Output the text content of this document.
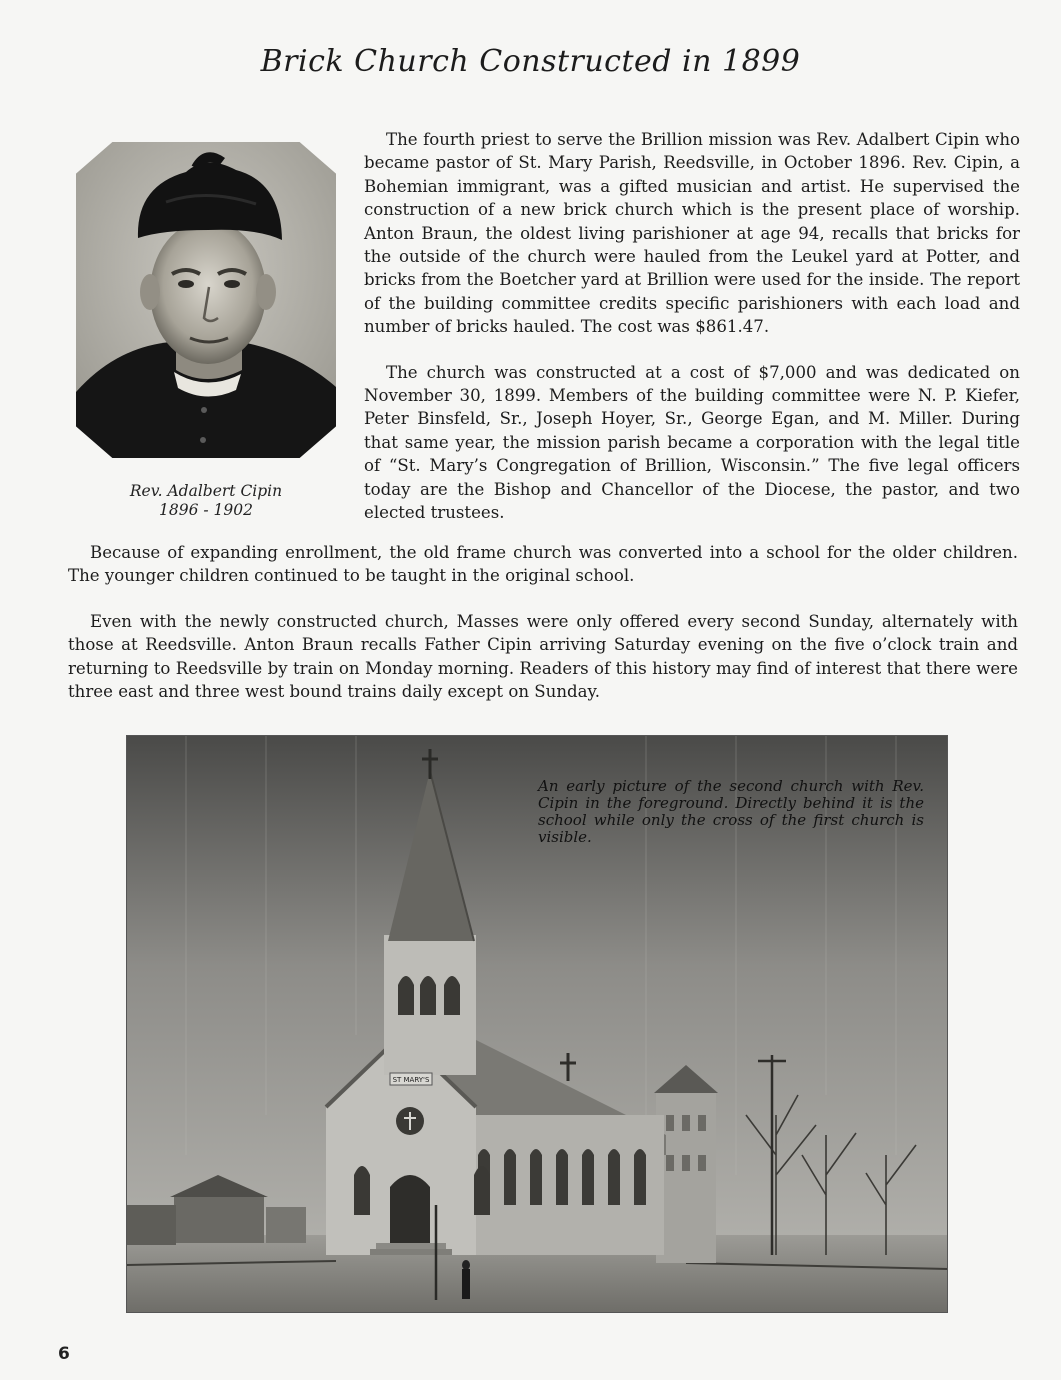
Brick Church Constructed in 1899
Rev. Adalbert Cipin
1896 - 1902

The fourth priest to serve the Brillion mission was Rev. Adalbert Cipin who became pastor of St. Mary Parish, Reedsville, in October 1896. Rev. Cipin, a Bohemian immigrant, was a gifted musician and artist. He supervised the construction of a new brick church which is the present place of worship. Anton Braun, the oldest living parishioner at age 94, recalls that bricks for the outside of the church were hauled from the Leukel yard at Potter, and bricks from the Boetcher yard at Brillion were used for the inside. The report of the building committee credits specific parishioners with each load and number of bricks hauled. The cost was $861.47.

The church was constructed at a cost of $7,000 and was dedicated on November 30, 1899. Members of the building committee were N. P. Kiefer, Peter Binsfeld, Sr., Joseph Hoyer, Sr., George Egan, and M. Miller. During that same year, the mission parish became a corporation with the legal title of “St. Mary’s Congregation of Brillion, Wisconsin.” The five legal officers today are the Bishop and Chancellor of the Diocese, the pastor, and two elected trustees.

Because of expanding enrollment, the old frame church was converted into a school for the older children. The younger children continued to be taught in the original school.

Even with the newly constructed church, Masses were only offered every second Sunday, alternately with those at Reedsville. Anton Braun recalls Father Cipin arriving Saturday evening on the five o’clock train and returning to Reedsville by train on Monday morning. Readers of this history may find of interest that there were three east and three west bound trains daily except on Sunday.

ST MARY'S
An early picture of the second church with Rev. Cipin in the foreground. Directly behind it is the school while only the cross of the first church is visible.
6
